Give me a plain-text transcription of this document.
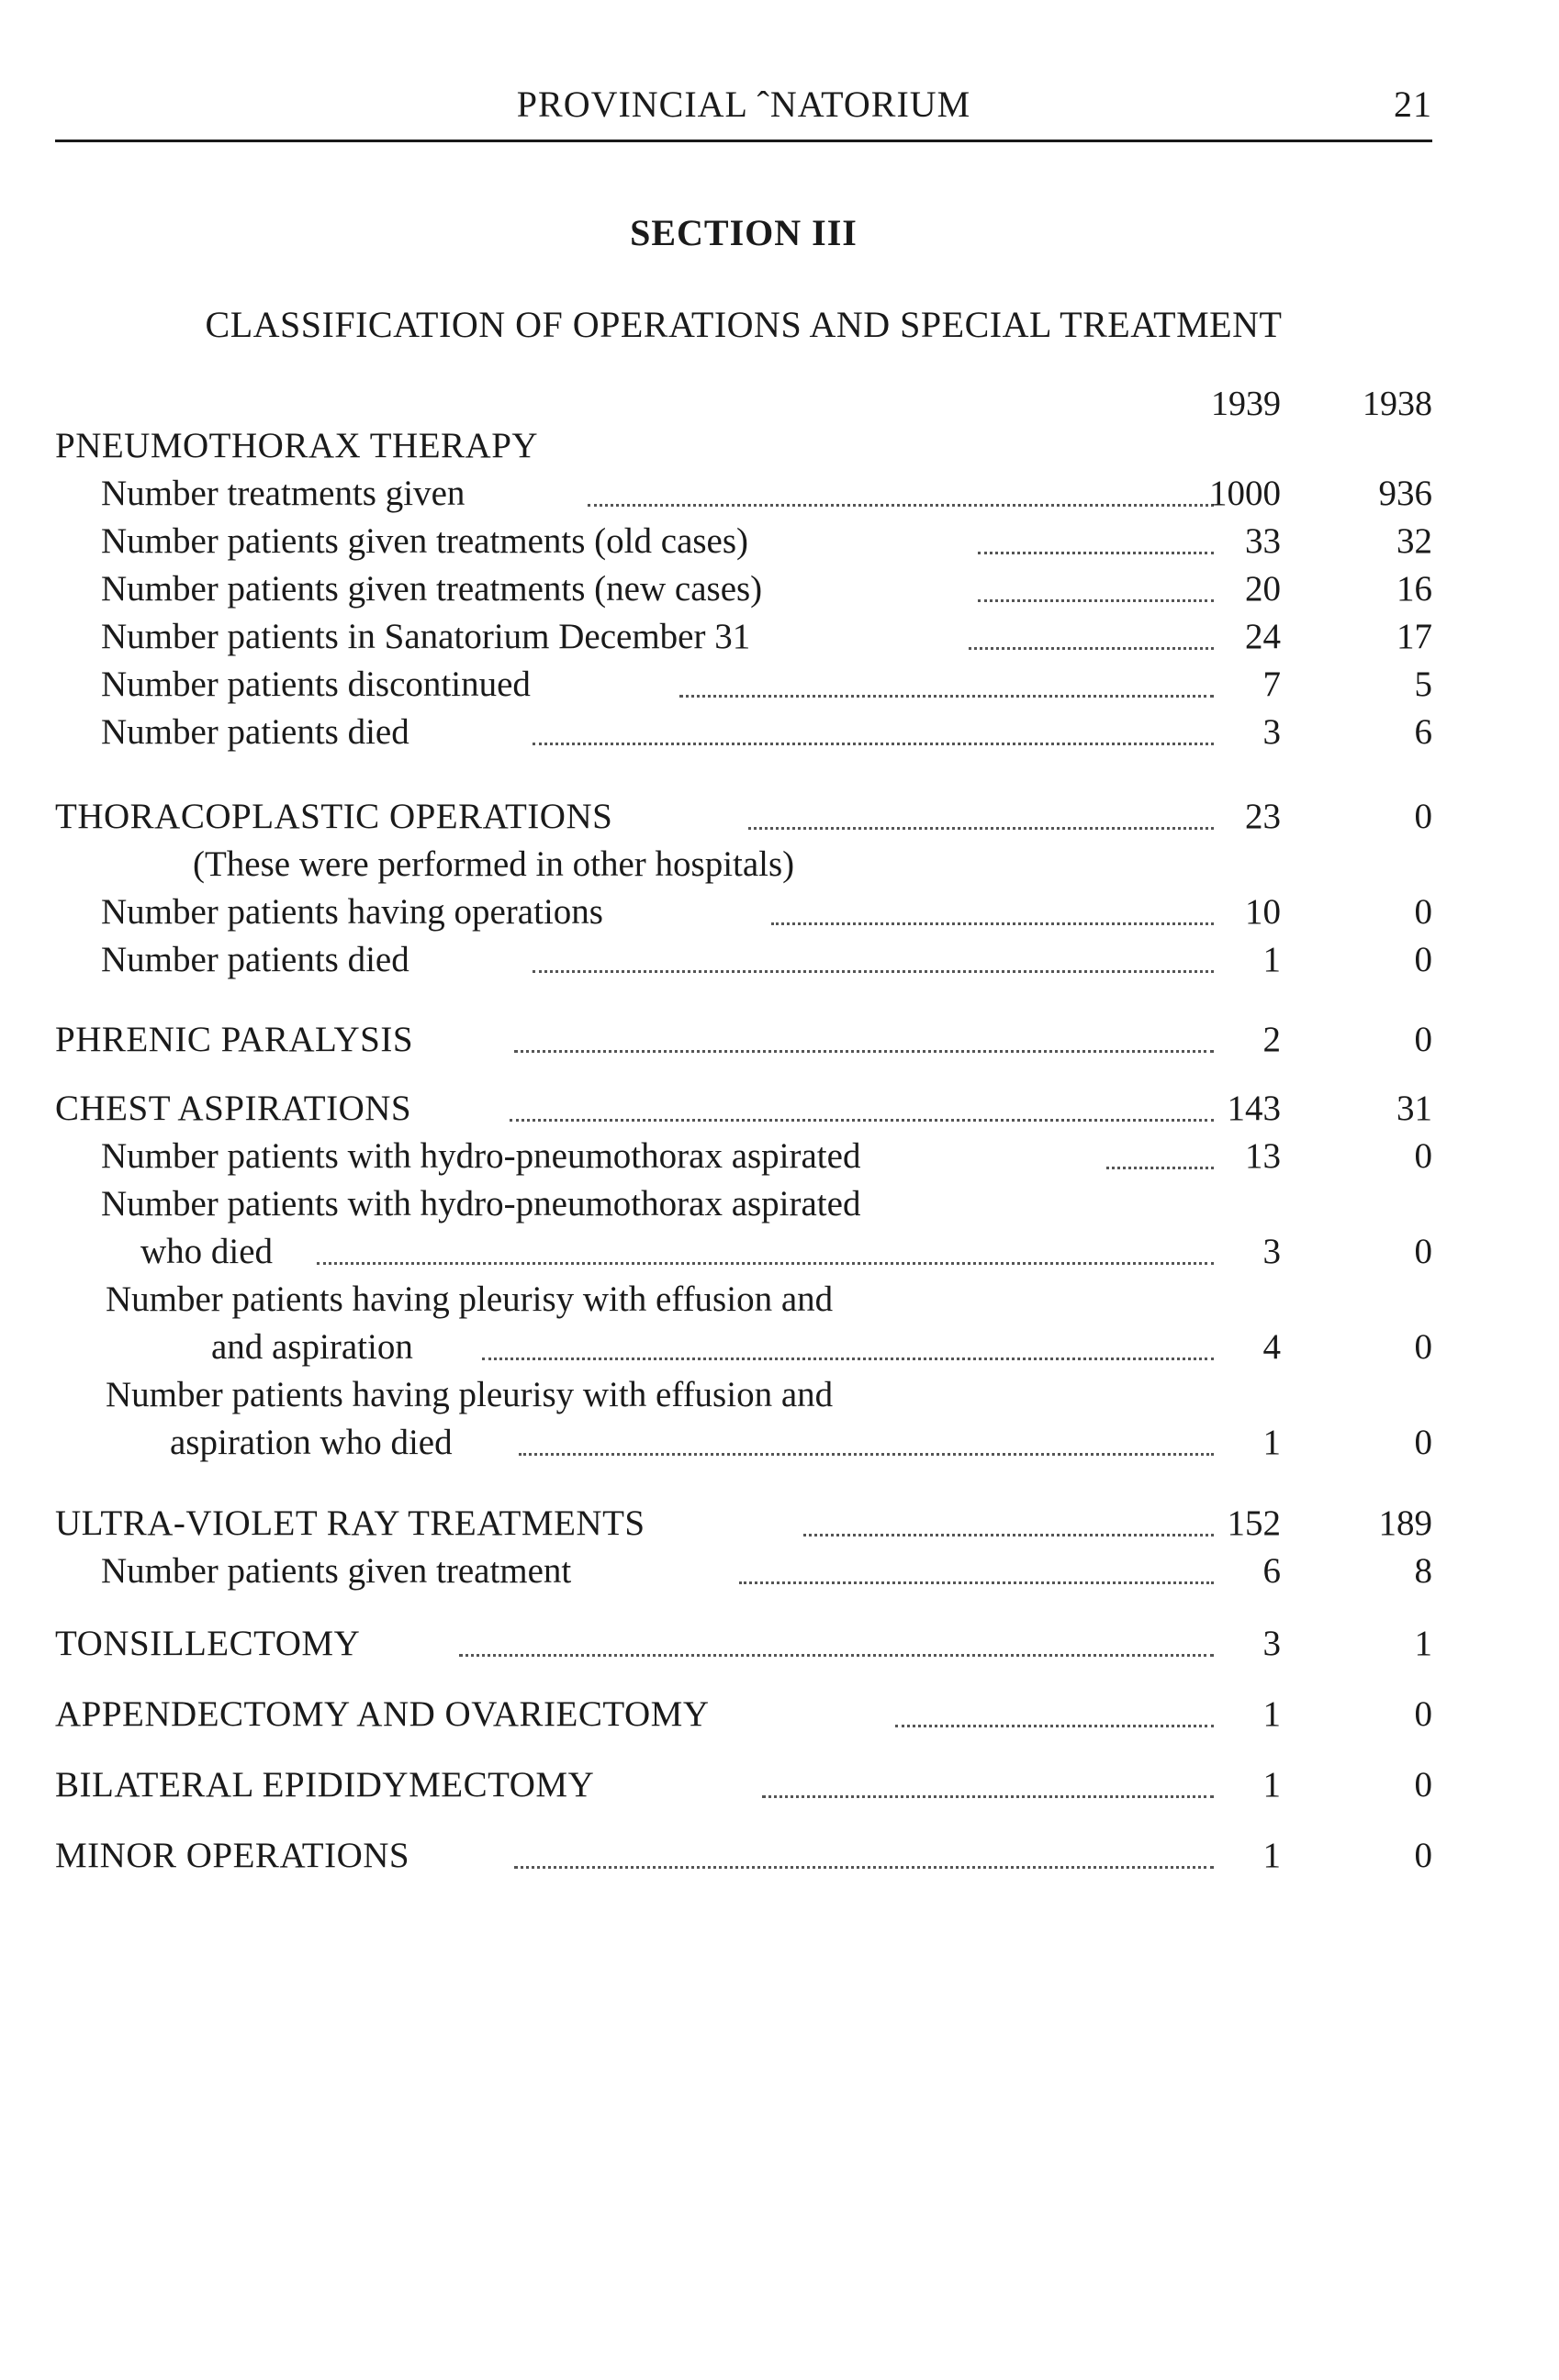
PROVINCIAL ˆNATORIUM	21
SECTION III
CLASSIFICATION OF OPERATIONS AND SPECIAL TREATMENT
1939	1938
PNEUMOTHORAX THERAPY
Number treatments given	1000	936
Number patients given treatments (old cases)	33	32
Number patients given treatments (new cases)	20	16
Number patients in Sanatorium December 31	24	17
Number patients discontinued	7	5
Number patients died	3	6
THORACOPLASTIC OPERATIONS	23	0
(These were performed in other hospitals)
Number patients having operations	10	0
Number patients died	1	0
PHRENIC PARALYSIS	2	0
CHEST ASPIRATIONS	143	31
Number patients with hydro-pneumothorax aspirated	13	0
Number patients with hydro-pneumothorax aspirated
who died	3	0
Number patients having pleurisy with effusion and
and aspiration	4	0
Number patients having pleurisy with effusion and
aspiration who died	1	0
ULTRA-VIOLET RAY TREATMENTS	152	189
Number patients given treatment	6	8
TONSILLECTOMY	3	1
APPENDECTOMY AND OVARIECTOMY	1	0
BILATERAL EPIDIDYMECTOMY	1	0
MINOR OPERATIONS	1	0
